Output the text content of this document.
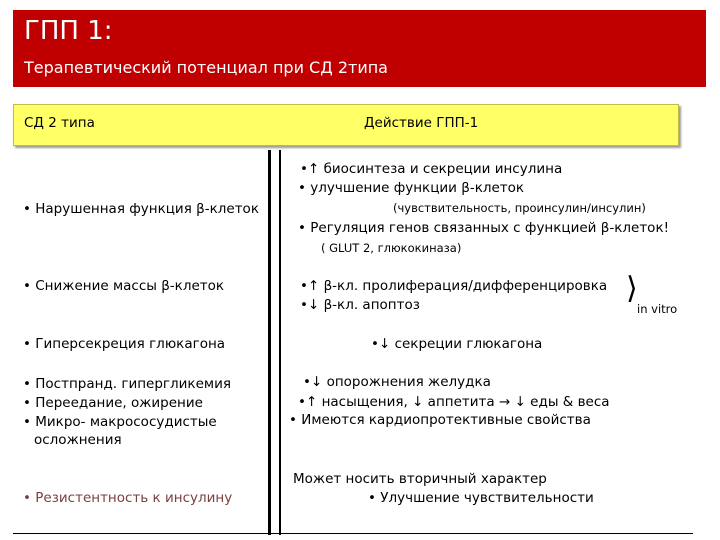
ГПП 1:
Терапевтический потенциал при СД 2типа
СД 2 типа	Действие ГПП-1
• Нарушенная функция β-клеток
• Снижение массы β-клеток
• Гиперсекреция глюкагона
• Постпранд. гипергликемия
• Переедание, ожирение
• Микро- макрососудистые
осложнения
• Резистентность к инсулину
•↑ биосинтеза и секреции инсулина
• улучшение функции β-клеток
(чувствительность, проинсулин/инсулин)
• Регуляция генов связанных с функцией β-клеток!
( GLUT 2, глюкокиназа)
•↑ β-кл. пролиферация/дифференцировка
•↓ β-кл. апоптоз	⟩
in vitro
•↓ секреции глюкагона
•↓ опорожнения желудка
•↑ насыщения, ↓ аппетита → ↓ еды & веса
• Имеются кардиопротективные свойства
Может носить вторичный характер
• Улучшение чувствительности
